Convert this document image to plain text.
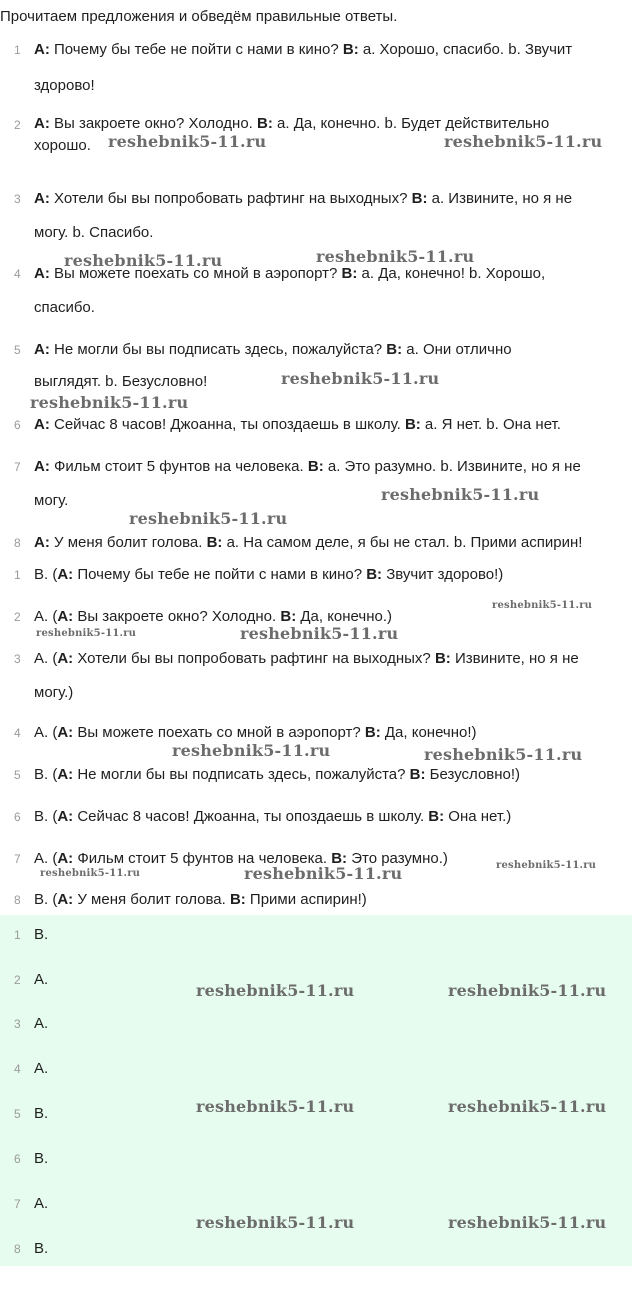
Прочитаем предложения и обведём правильные ответы.
1 A: Почему бы тебе не пойти с нами в кино? B: a. Хорошо, спасибо. b. Звучит
здорово!
2 A: Вы закроете окно? Холодно. B: a. Да, конечно. b. Будет действительно
хорошо.
3 A: Хотели бы вы попробовать рафтинг на выходных? B: a. Извините, но я не
могу. b. Спасибо.
4 A: Вы можете поехать со мной в аэропорт? B: a. Да, конечно! b. Хорошо,
спасибо.
5 A: Не могли бы вы подписать здесь, пожалуйста? B: a. Они отлично
выглядят. b. Безусловно!
6 A: Сейчас 8 часов! Джоанна, ты опоздаешь в школу. B: a. Я нет. b. Она нет.
7 A: Фильм стоит 5 фунтов на человека. B: a. Это разумно. b. Извините, но я не
могу.
8 A: У меня болит голова. B: a. На самом деле, я бы не стал. b. Прими аспирин!
1 B. (A: Почему бы тебе не пойти с нами в кино? B: Звучит здорово!)
2 A. (A: Вы закроете окно? Холодно. B: Да, конечно.)
3 A. (A: Хотели бы вы попробовать рафтинг на выходных? B: Извините, но я не
могу.)
4 A. (A: Вы можете поехать со мной в аэропорт? B: Да, конечно!)
5 B. (A: Не могли бы вы подписать здесь, пожалуйста? B: Безусловно!)
6 B. (A: Сейчас 8 часов! Джоанна, ты опоздаешь в школу. B: Она нет.)
7 A. (A: Фильм стоит 5 фунтов на человека. B: Это разумно.)
8 B. (A: У меня болит голова. B: Прими аспирин!)
1 B.
2 A.
3 A.
4 A.
5 B.
6 B.
7 A.
8 B.
reshebnik5-11.ru	reshebnik5-11.ru
reshebnik5-11.ru	reshebnik5-11.ru
reshebnik5-11.ru
reshebnik5-11.ru
reshebnik5-11.ru
reshebnik5-11.ru
reshebnik5-11.ru
reshebnik5-11.ru	reshebnik5-11.ru
reshebnik5-11.ru	reshebnik5-11.ru
reshebnik5-11.ru	reshebnik5-11.ru	reshebnik5-11.ru
reshebnik5-11.ru	reshebnik5-11.ru
reshebnik5-11.ru	reshebnik5-11.ru
reshebnik5-11.ru	reshebnik5-11.ru
